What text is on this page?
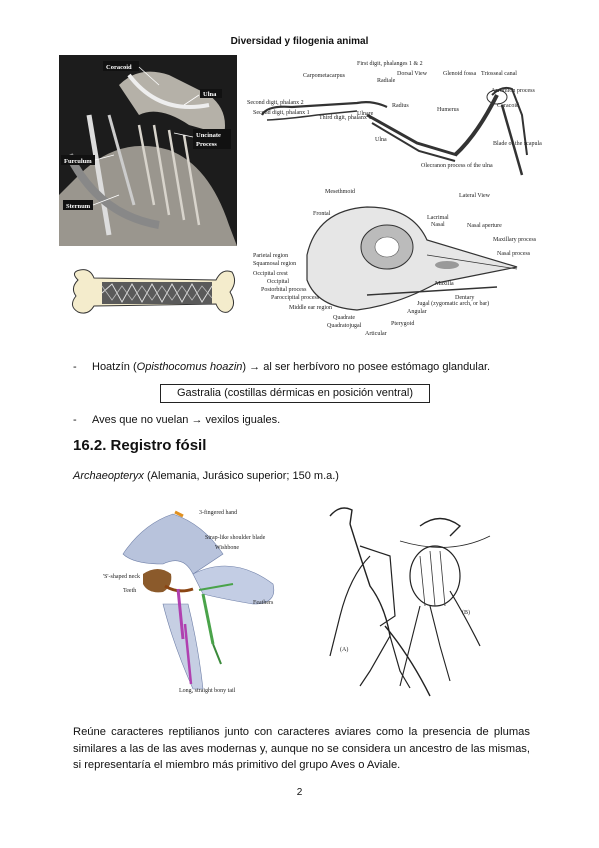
Diversidad y filogenia animal
Coracoid
Ulna
Uncinate
Process
Furculum
Sternum
First digit, phalanges 1 & 2
Carpometacarpus
Radiale
Dorsal View	Glenoid fossa Triosseal canal
Acromion process
Coracoid
Second digit, phalanx 2
Second digit, phalanx 1
Third digit, phalanx 1
Ulnare
Radius
Humerus
Ulna
Blade of the scapula
Olecranon process of the ulna
Mesethmoid
Frontal
Lateral View
Lacrimal
Nasal	Nasal aperture
Maxillary process
Nasal process
Parietal region
Squamosal region
Occipital crest
Occipital
Postorbital process
Paroccipital process
Middle ear region
Quadrate
Quadratojugal
Articular
Pterygoid
Angular
Dentary
Maxilla
Jugal (zygomatic arch, or bar)
- Hoatzín (Opisthocomus hoazin) → al ser herbívoro no posee estómago glandular.
Gastralia (costillas dérmicas en posición ventral)
- Aves que no vuelan → vexilos iguales.
16.2. Registro fósil
Archaeopteryx (Alemania, Jurásico superior; 150 m.a.)
3-fingered hand
Strap-like shoulder blade
Teeth
'S'-shaped neck
Wishbone
Feathers
Long, straight bony tail
(A)
(B)
Reúne caracteres reptilianos junto con caracteres aviares como la presencia de plumas similares a las de las aves modernas y, aunque no se considera un ancestro de las mismas, si representaría el miembro más primitivo del grupo Aves o Aviale.
2
